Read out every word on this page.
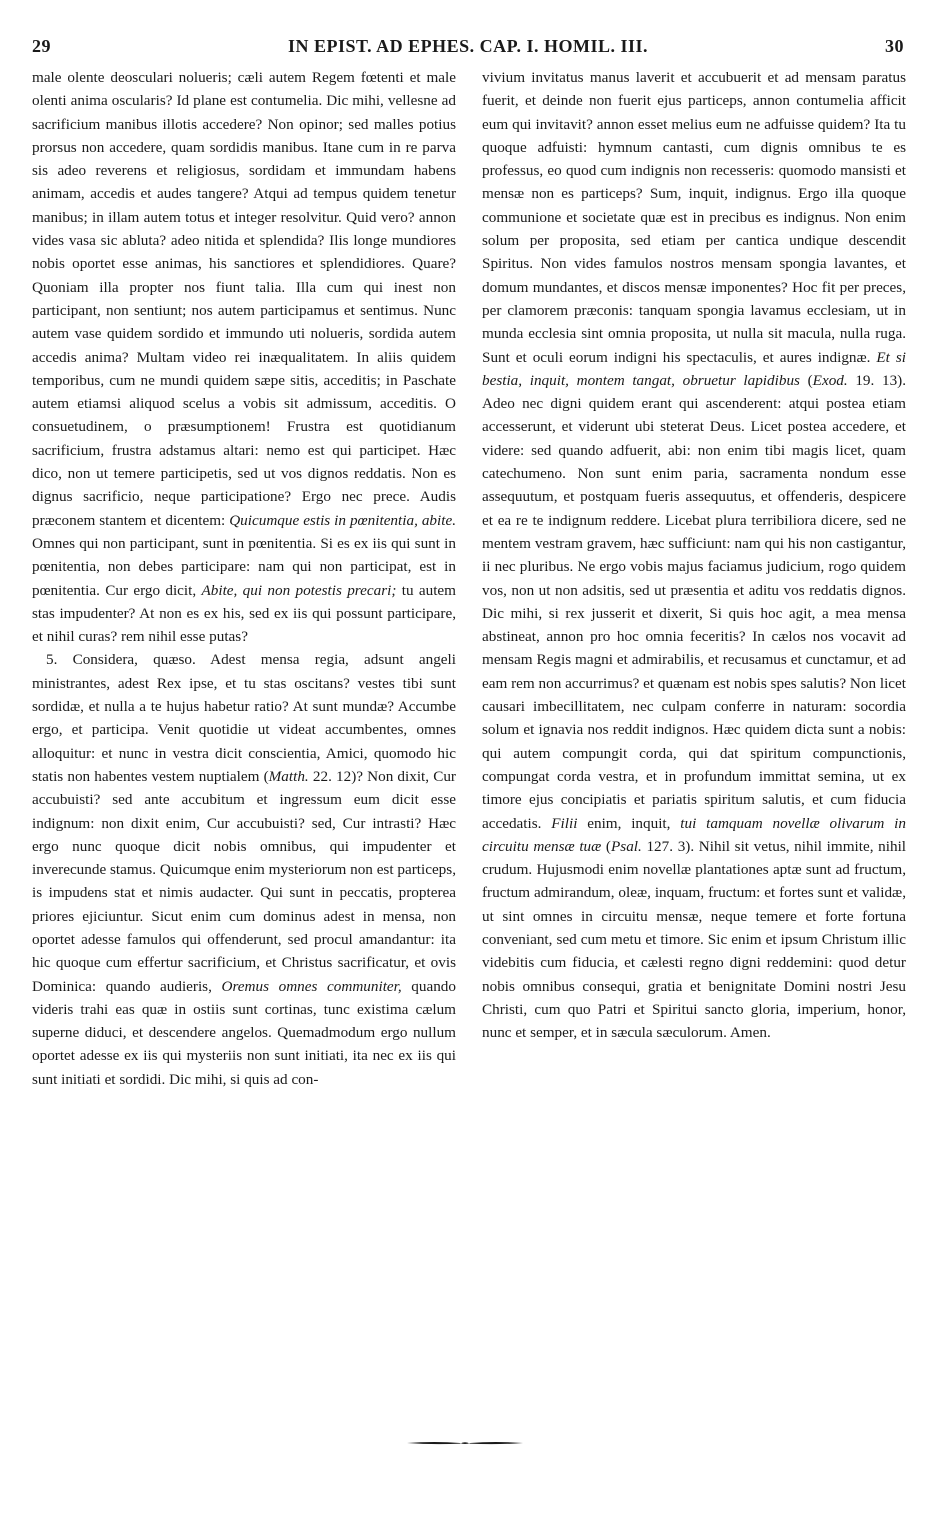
29	IN EPIST. AD EPHES. CAP. I. HOMIL. III.	30

male olente deosculari nolueris; cæli autem Regem fœtenti et male olenti anima oscularis? Id plane est contumelia. Dic mihi, vellesne ad sacrificium manibus illotis accedere? Non opinor; sed malles potius prorsus non accedere, quam sordidis manibus. Itane cum in re parva sis adeo reverens et religiosus, sordidam et immundam habens animam, accedis et audes tangere? Atqui ad tempus quidem tenetur manibus; in illam autem totus et integer resolvitur. Quid vero? annon vides vasa sic abluta? adeo nitida et splendida? Ilis longe mundiores nobis oportet esse animas, his sanctiores et splendidiores. Quare? Quoniam illa propter nos fiunt talia. Illa cum qui inest non participant, non sentiunt; nos autem participamus et sentimus. Nunc autem vase quidem sordido et immundo uti nolueris, sordida autem accedis anima? Multam video rei inæqualitatem. In aliis quidem temporibus, cum ne mundi quidem sæpe sitis, acceditis; in Paschate autem etiamsi aliquod scelus a vobis sit admissum, acceditis. O consuetudinem, o præsumptionem! Frustra est quotidianum sacrificium, frustra adstamus altari: nemo est qui participet. Hæc dico, non ut temere participetis, sed ut vos dignos reddatis. Non es dignus sacrificio, neque participatione? Ergo nec prece. Audis præconem stantem et dicentem: Quicumque estis in pœnitentia, abite. Omnes qui non participant, sunt in pœnitentia. Si es ex iis qui sunt in pœnitentia, non debes participare: nam qui non participat, est in pœnitentia. Cur ergo dicit, Abite, qui non potestis precari; tu autem stas impudenter? At non es ex his, sed ex iis qui possunt participare, et nihil curas? rem nihil esse putas?

5. Considera, quæso. Adest mensa regia, adsunt angeli ministrantes, adest Rex ipse, et tu stas oscitans? vestes tibi sunt sordidæ, et nulla a te hujus habetur ratio? At sunt mundæ? Accumbe ergo, et participa. Venit quotidie ut videat accumbentes, omnes alloquitur: et nunc in vestra dicit conscientia, Amici, quomodo hic statis non habentes vestem nuptialem (Matth. 22. 12)? Non dixit, Cur accubuisti? sed ante accubitum et ingressum eum dicit esse indignum: non dixit enim, Cur accubuisti? sed, Cur intrasti? Hæc ergo nunc quoque dicit nobis omnibus, qui impudenter et inverecunde stamus. Quicumque enim mysteriorum non est particeps, is impudens stat et nimis audacter. Qui sunt in peccatis, propterea priores ejiciuntur. Sicut enim cum dominus adest in mensa, non oportet adesse famulos qui offenderunt, sed procul amandantur: ita hic quoque cum effertur sacrificium, et Christus sacrificatur, et ovis Dominica: quando audieris, Oremus omnes communiter, quando videris trahi eas quæ in ostiis sunt cortinas, tunc existima cælum superne diduci, et descendere angelos. Quemadmodum ergo nullum oportet adesse ex iis qui mysteriis non sunt initiati, ita nec ex iis qui sunt initiati et sordidi. Dic mihi, si quis ad con-

vivium invitatus manus laverit et accubuerit et ad mensam paratus fuerit, et deinde non fuerit ejus particeps, annon contumelia afficit eum qui invitavit? annon esset melius eum ne adfuisse quidem? Ita tu quoque adfuisti: hymnum cantasti, cum dignis omnibus te es professus, eo quod cum indignis non recesseris: quomodo mansisti et mensæ non es particeps? Sum, inquit, indignus. Ergo illa quoque communione et societate quæ est in precibus es indignus. Non enim solum per proposita, sed etiam per cantica undique descendit Spiritus. Non vides famulos nostros mensam spongia lavantes, et domum mundantes, et discos mensæ imponentes? Hoc fit per preces, per clamorem præconis: tanquam spongia lavamus ecclesiam, ut in munda ecclesia sint omnia proposita, ut nulla sit macula, nulla ruga. Sunt et oculi eorum indigni his spectaculis, et aures indignæ. Et si bestia, inquit, montem tangat, obruetur lapidibus (Exod. 19. 13). Adeo nec digni quidem erant qui ascenderent: atqui postea etiam accesserunt, et viderunt ubi steterat Deus. Licet postea accedere, et videre: sed quando adfuerit, abi: non enim tibi magis licet, quam catechumeno. Non sunt enim paria, sacramenta nondum esse assequutum, et postquam fueris assequutus, et offenderis, despicere et ea re te indignum reddere. Licebat plura terribiliora dicere, sed ne mentem vestram gravem, hæc sufficiunt: nam qui his non castigantur, ii nec pluribus. Ne ergo vobis majus faciamus judicium, rogo quidem vos, non ut non adsitis, sed ut præsentia et aditu vos reddatis dignos. Dic mihi, si rex jusserit et dixerit, Si quis hoc agit, a mea mensa abstineat, annon pro hoc omnia feceritis? In cælos nos vocavit ad mensam Regis magni et admirabilis, et recusamus et cunctamur, et ad eam rem non accurrimus? et quænam est nobis spes salutis? Non licet causari imbecillitatem, nec culpam conferre in naturam: socordia solum et ignavia nos reddit indignos. Hæc quidem dicta sunt a nobis: qui autem compungit corda, qui dat spiritum compunctionis, compungat corda vestra, et in profundum immittat semina, ut ex timore ejus concipiatis et pariatis spiritum salutis, et cum fiducia accedatis. Filii enim, inquit, tui tamquam novellæ olivarum in circuitu mensæ tuæ (Psal. 127. 3). Nihil sit vetus, nihil immite, nihil crudum. Hujusmodi enim novellæ plantationes aptæ sunt ad fructum, fructum admirandum, oleæ, inquam, fructum: et fortes sunt et validæ, ut sint omnes in circuitu mensæ, neque temere et forte fortuna conveniant, sed cum metu et timore. Sic enim et ipsum Christum illic videbitis cum fiducia, et cælesti regno digni reddemini: quod detur nobis omnibus consequi, gratia et benignitate Domini nostri Jesu Christi, cum quo Patri et Spiritui sancto gloria, imperium, honor, nunc et semper, et in sæcula sæculorum. Amen.
